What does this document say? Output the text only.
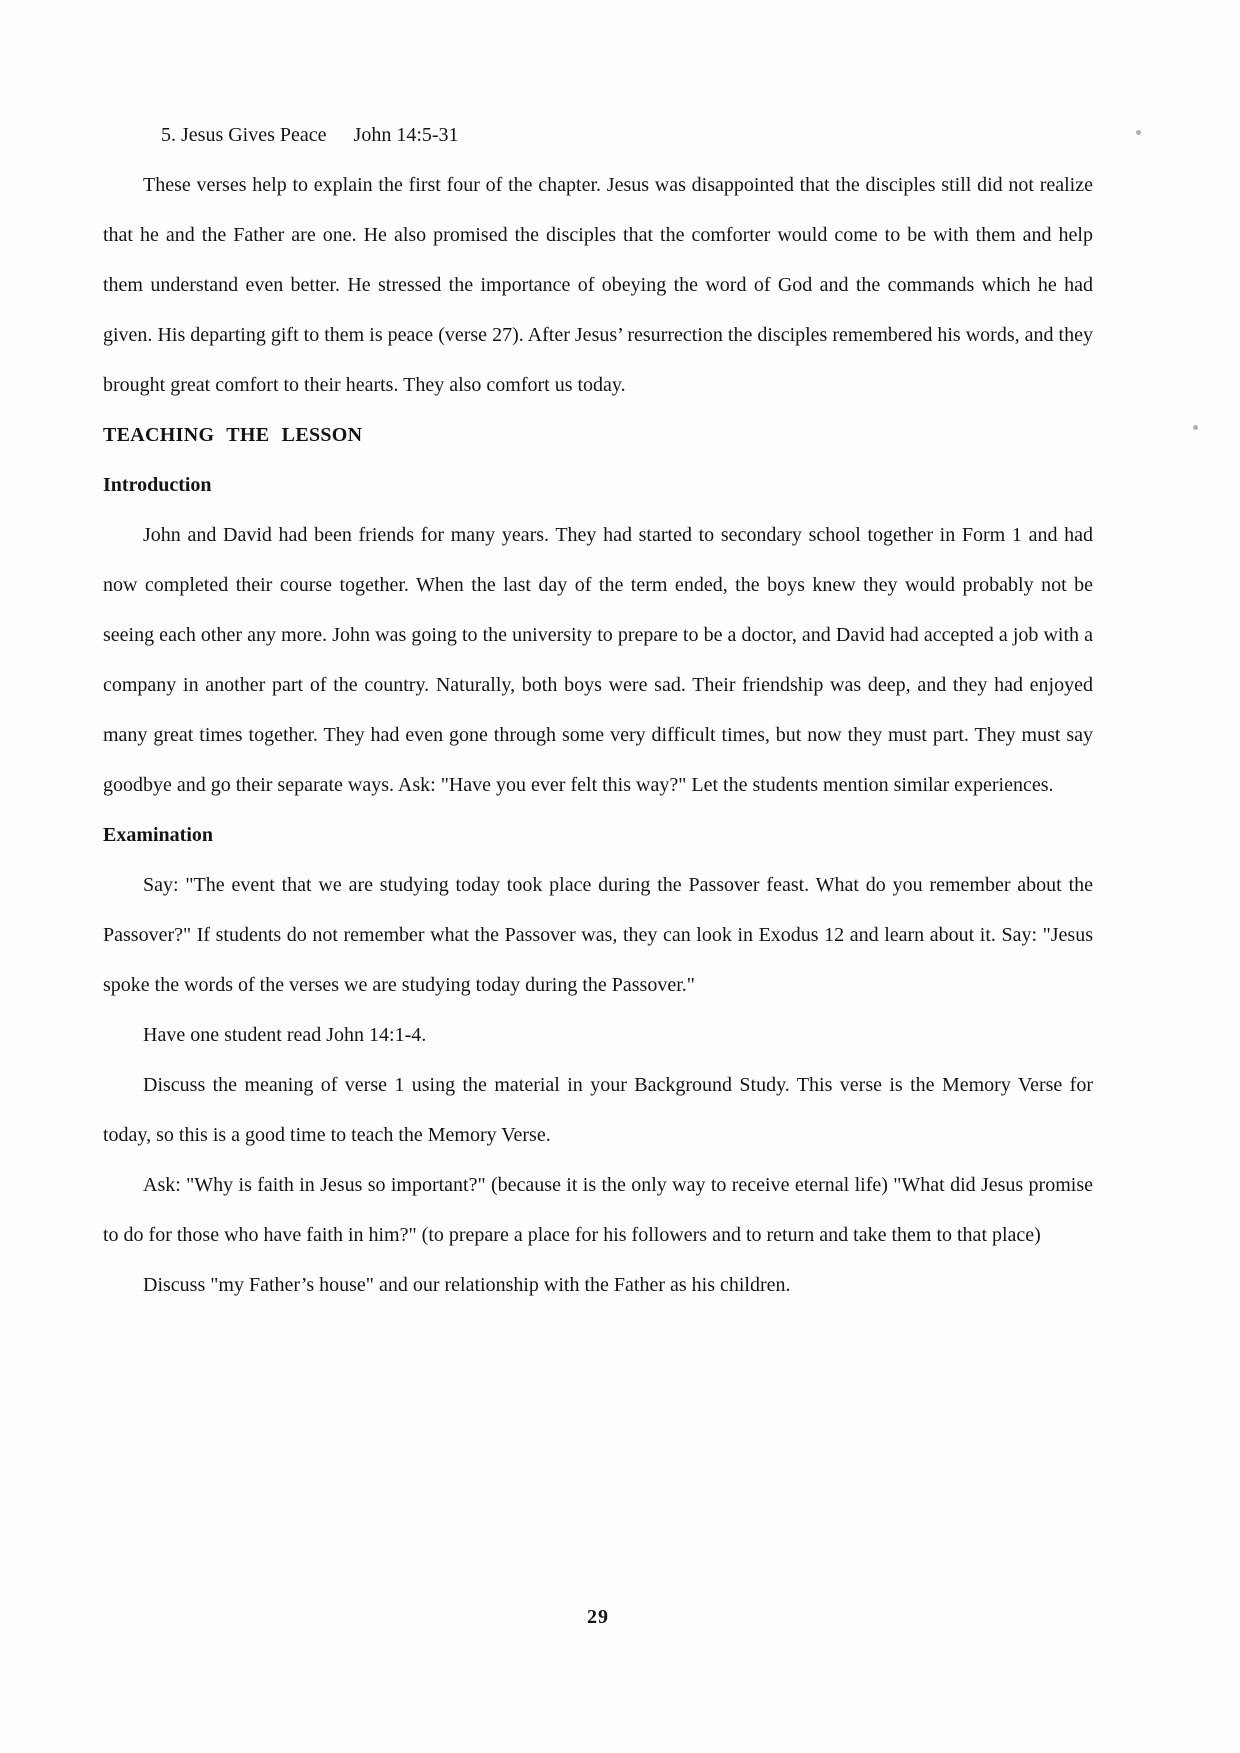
5. Jesus Gives Peace John 14:5-31

These verses help to explain the first four of the chapter. Jesus was disappointed that the disciples still did not realize that he and the Father are one. He also promised the disciples that the comforter would come to be with them and help them understand even better. He stressed the importance of obeying the word of God and the commands which he had given. His departing gift to them is peace (verse 27). After Jesus’ resurrection the disciples remembered his words, and they brought great comfort to their hearts. They also comfort us today.

TEACHING THE LESSON
Introduction

John and David had been friends for many years. They had started to secondary school together in Form 1 and had now completed their course together. When the last day of the term ended, the boys knew they would probably not be seeing each other any more. John was going to the university to prepare to be a doctor, and David had accepted a job with a company in another part of the country. Naturally, both boys were sad. Their friendship was deep, and they had enjoyed many great times together. They had even gone through some very difficult times, but now they must part. They must say goodbye and go their separate ways. Ask: "Have you ever felt this way?" Let the students mention similar experiences.

Examination

Say: "The event that we are studying today took place during the Passover feast. What do you remember about the Passover?" If students do not remember what the Passover was, they can look in Exodus 12 and learn about it. Say: "Jesus spoke the words of the verses we are studying today during the Passover."

Have one student read John 14:1-4.

Discuss the meaning of verse 1 using the material in your Background Study. This verse is the Memory Verse for today, so this is a good time to teach the Memory Verse.

Ask: "Why is faith in Jesus so important?" (because it is the only way to receive eternal life) "What did Jesus promise to do for those who have faith in him?" (to prepare a place for his followers and to return and take them to that place)

Discuss "my Father’s house" and our relationship with the Father as his children.

29
